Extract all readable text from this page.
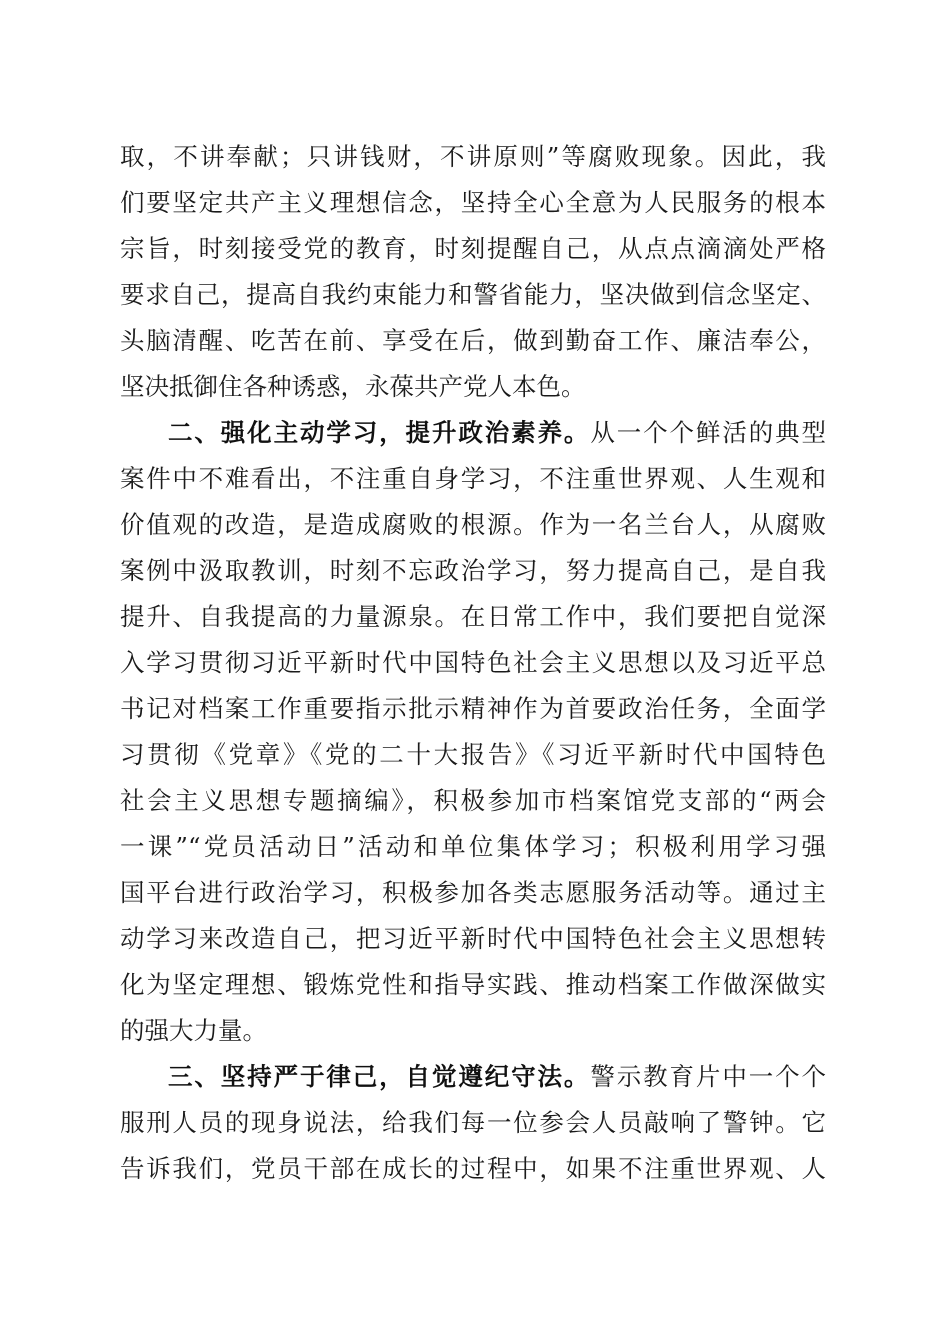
取，不讲奉献；只讲钱财，不讲原则”等腐败现象。因此，我
们要坚定共产主义理想信念，坚持全心全意为人民服务的根本
宗旨，时刻接受党的教育，时刻提醒自己，从点点滴滴处严格
要求自己，提高自我约束能力和警省能力，坚决做到信念坚定、
头脑清醒、吃苦在前、享受在后，做到勤奋工作、廉洁奉公，
坚决抵御住各种诱惑，永葆共产党人本色。
二、强化主动学习，提升政治素养。从一个个鲜活的典型
案件中不难看出，不注重自身学习，不注重世界观、人生观和
价值观的改造，是造成腐败的根源。作为一名兰台人，从腐败
案例中汲取教训，时刻不忘政治学习，努力提高自己，是自我
提升、自我提高的力量源泉。在日常工作中，我们要把自觉深
入学习贯彻习近平新时代中国特色社会主义思想以及习近平总
书记对档案工作重要指示批示精神作为首要政治任务，全面学
习贯彻《党章》《党的二十大报告》《习近平新时代中国特色
社会主义思想专题摘编》，积极参加市档案馆党支部的“两会
一课”“党员活动日”活动和单位集体学习；积极利用学习强
国平台进行政治学习，积极参加各类志愿服务活动等。通过主
动学习来改造自己，把习近平新时代中国特色社会主义思想转
化为坚定理想、锻炼党性和指导实践、推动档案工作做深做实
的强大力量。
三、坚持严于律己，自觉遵纪守法。警示教育片中一个个
服刑人员的现身说法，给我们每一位参会人员敲响了警钟。它
告诉我们，党员干部在成长的过程中，如果不注重世界观、人
